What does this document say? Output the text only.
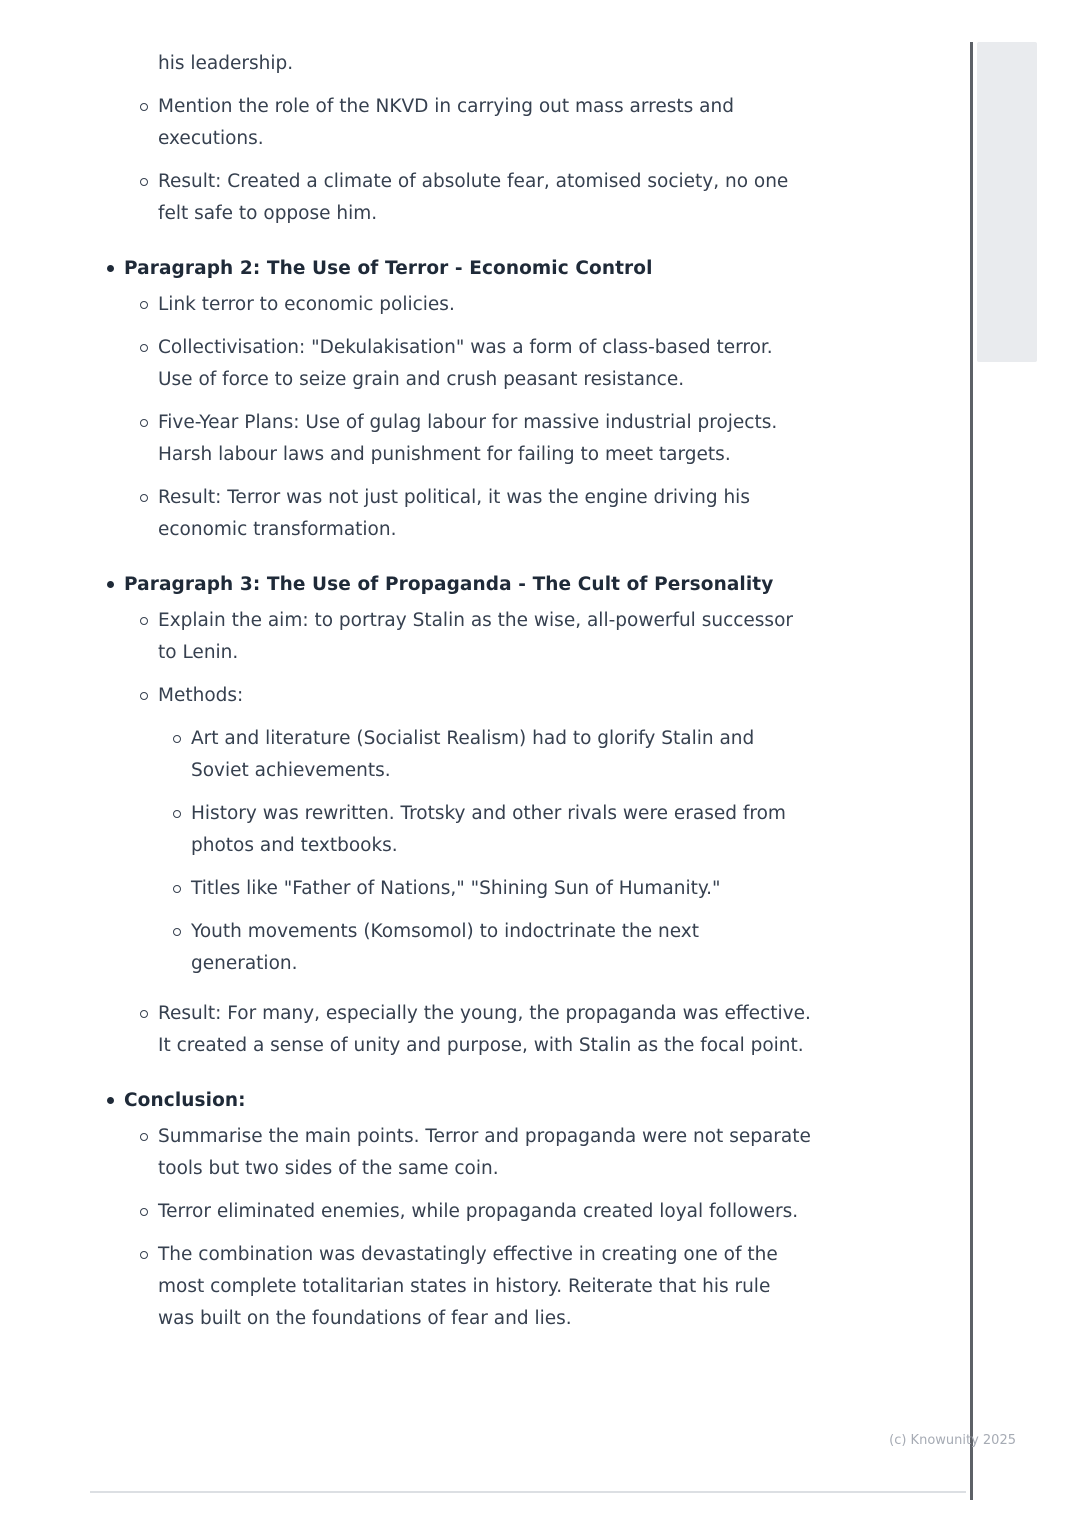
his leadership.

Mention the role of the NKVD in carrying out mass arrests and executions.

Result: Created a climate of absolute fear, atomised society, no one felt safe to oppose him.

Paragraph 2: The Use of Terror - Economic Control

Link terror to economic policies.

Collectivisation: "Dekulakisation" was a form of class-based terror. Use of force to seize grain and crush peasant resistance.

Five-Year Plans: Use of gulag labour for massive industrial projects. Harsh labour laws and punishment for failing to meet targets.

Result: Terror was not just political, it was the engine driving his economic transformation.

Paragraph 3: The Use of Propaganda - The Cult of Personality

Explain the aim: to portray Stalin as the wise, all-powerful successor to Lenin.

Methods:

Art and literature (Socialist Realism) had to glorify Stalin and Soviet achievements.

History was rewritten. Trotsky and other rivals were erased from photos and textbooks.

Titles like "Father of Nations," "Shining Sun of Humanity."

Youth movements (Komsomol) to indoctrinate the next generation.

Result: For many, especially the young, the propaganda was effective. It created a sense of unity and purpose, with Stalin as the focal point.

Conclusion:

Summarise the main points. Terror and propaganda were not separate tools but two sides of the same coin.

Terror eliminated enemies, while propaganda created loyal followers.

The combination was devastatingly effective in creating one of the most complete totalitarian states in history. Reiterate that his rule was built on the foundations of fear and lies.

(c) Knowunity 2025
